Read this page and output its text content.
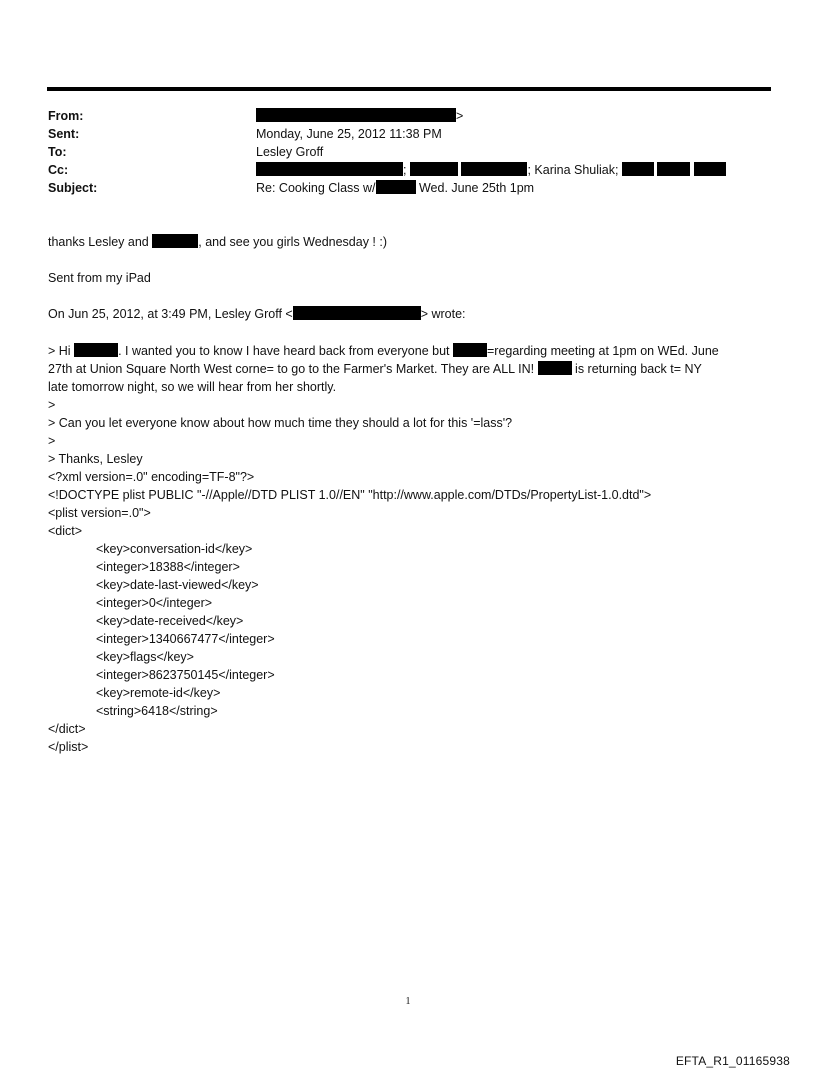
From:	>
Sent:	Monday, June 25, 2012 11:38 PM
To:	Lesley Groff
Cc:	;	; Karina Shuliak;
Subject:	Re: Cooking Class w/	Wed. June 25th 1pm
thanks Lesley and	, and see you girls Wednesday ! :)
Sent from my iPad
On Jun 25, 2012, at 3:49 PM, Lesley Groff <	> wrote:
> Hi	. I wanted you to know I have heard back from everyone but	=regarding meeting at 1pm on WEd. June
27th at Union Square North West corne= to go to the Farmer's Market. They are ALL IN!	is returning back t= NY
late tomorrow night, so we will hear from her shortly.
>
> Can you let everyone know about how much time they should a lot for this '=lass'?
>
> Thanks, Lesley
<?xml version=.0" encoding=TF-8"?>
<!DOCTYPE plist PUBLIC "-//Apple//DTD PLIST 1.0//EN" "http://www.apple.com/DTDs/PropertyList-1.0.dtd">
<plist version=.0">
<dict>
<key>conversation-id</key>
<integer>18388</integer>
<key>date-last-viewed</key>
<integer>0</integer>
<key>date-received</key>
<integer>1340667477</integer>
<key>flags</key>
<integer>8623750145</integer>
<key>remote-id</key>
<string>6418</string>
</dict>
</plist>
1
EFTA_R1_01165938
